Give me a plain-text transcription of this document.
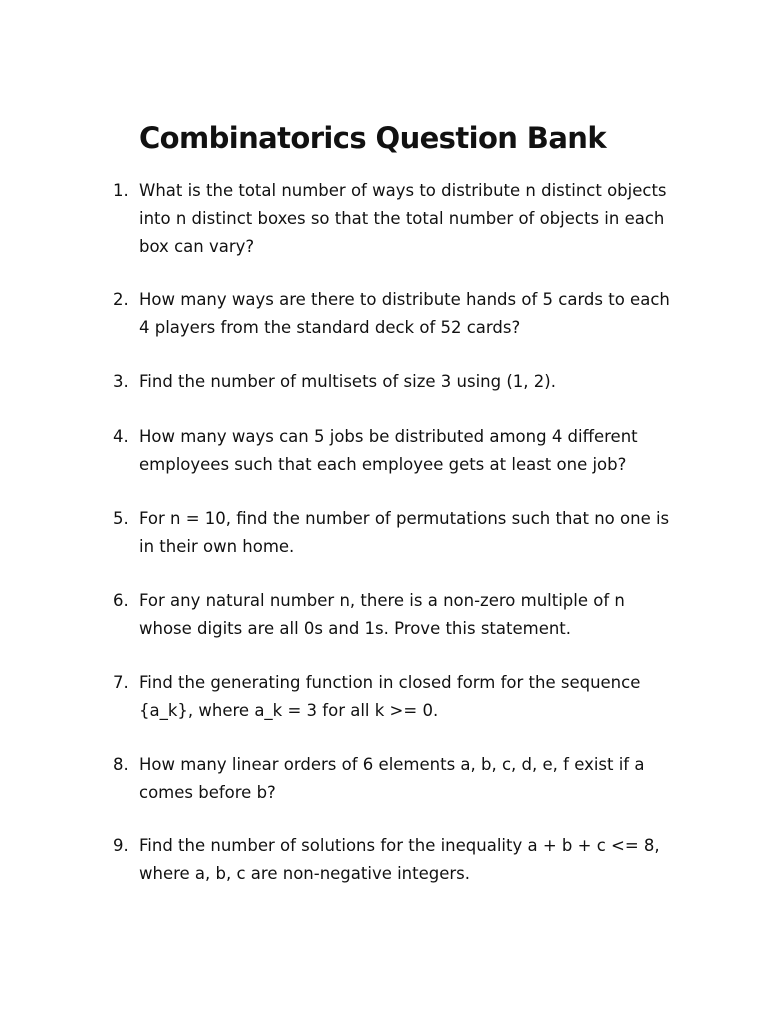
Combinatorics Question Bank
1. What is the total number of ways to distribute n distinct objects into n distinct boxes so that the total number of objects in each box can vary?
2. How many ways are there to distribute hands of 5 cards to each 4 players from the standard deck of 52 cards?
3. Find the number of multisets of size 3 using (1, 2).
4. How many ways can 5 jobs be distributed among 4 different employees such that each employee gets at least one job?
5. For n = 10, find the number of permutations such that no one is in their own home.
6. For any natural number n, there is a non-zero multiple of n whose digits are all 0s and 1s. Prove this statement.
7. Find the generating function in closed form for the sequence {a_k}, where a_k = 3 for all k >= 0.
8. How many linear orders of 6 elements a, b, c, d, e, f exist if a comes before b?
9. Find the number of solutions for the inequality a + b + c <= 8, where a, b, c are non-negative integers.
